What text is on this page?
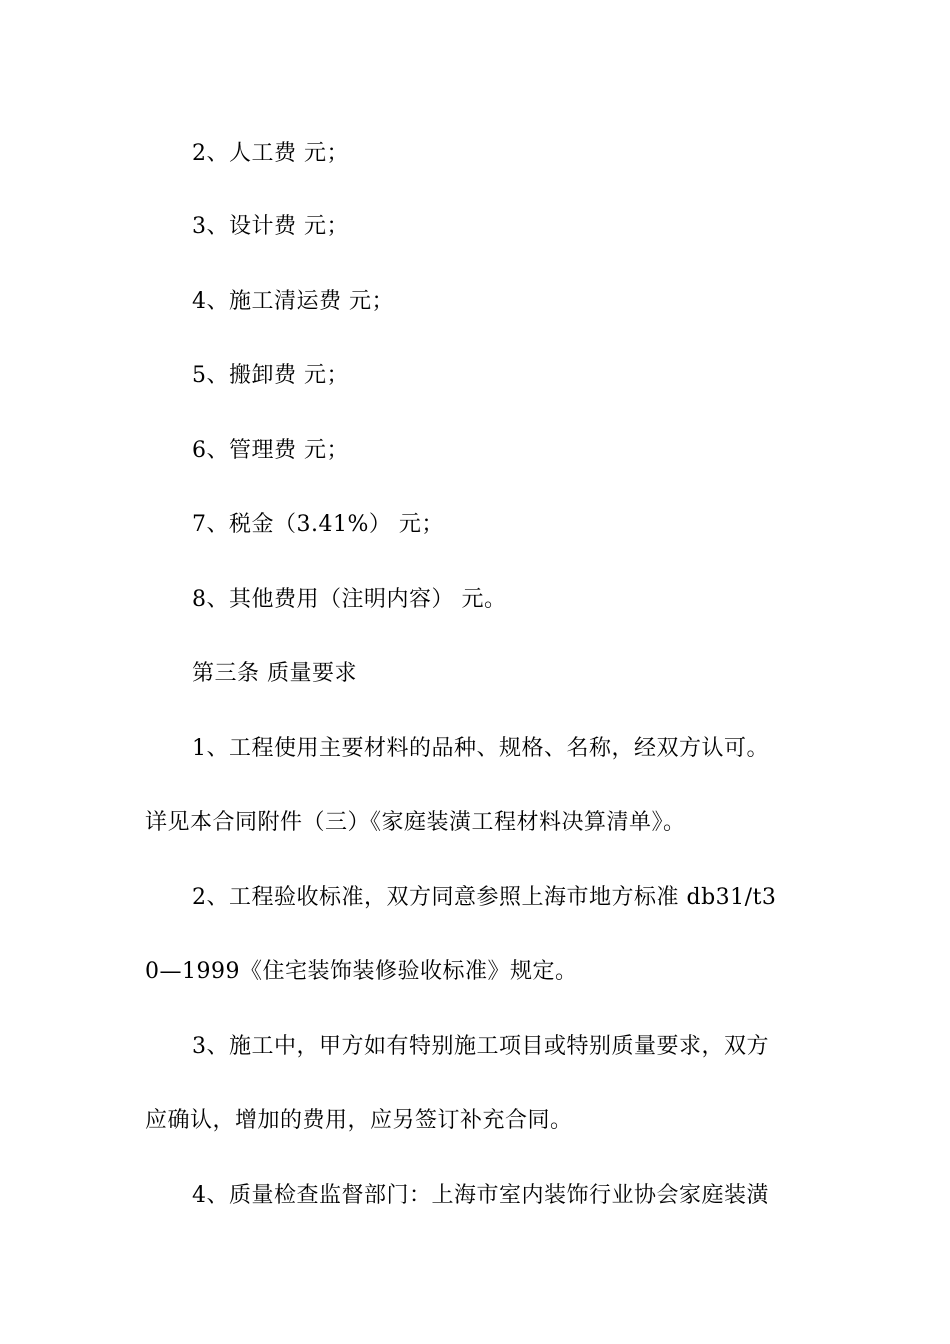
2、人工费 元；
3、设计费 元；
4、施工清运费 元；
5、搬卸费 元；
6、管理费 元；
7、税金（3.41%） 元；
8、其他费用（注明内容） 元。
第三条 质量要求
1、工程使用主要材料的品种、规格、名称，经双方认可。
详见本合同附件（三）《家庭装潢工程材料决算清单》。
2、工程验收标准，双方同意参照上海市地方标准 db31/t3
0—1999《住宅装饰装修验收标准》规定。
3、施工中，甲方如有特别施工项目或特别质量要求，双方
应确认，增加的费用，应另签订补充合同。
4、质量检查监督部门：上海市室内装饰行业协会家庭装潢
